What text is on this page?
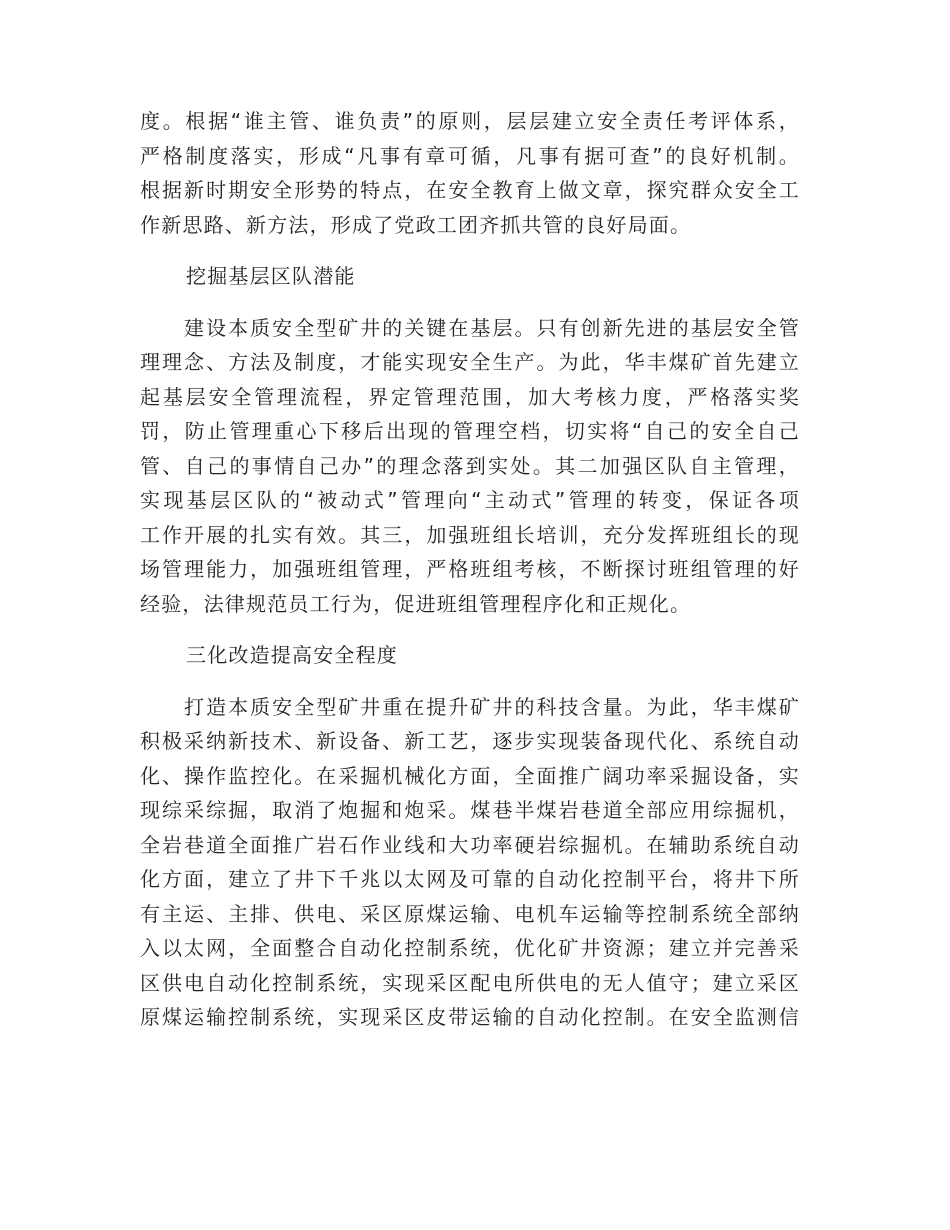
度。根据“谁主管、谁负责”的原则，层层建立安全责任考评体系，
严格制度落实，形成“凡事有章可循，凡事有据可查”的良好机制。
根据新时期安全形势的特点，在安全教育上做文章，探究群众安全工
作新思路、新方法，形成了党政工团齐抓共管的良好局面。
挖掘基层区队潜能
　　建设本质安全型矿井的关键在基层。只有创新先进的基层安全管
理理念、方法及制度，才能实现安全生产。为此，华丰煤矿首先建立
起基层安全管理流程，界定管理范围，加大考核力度，严格落实奖
罚，防止管理重心下移后出现的管理空档，切实将“自己的安全自己
管、自己的事情自己办”的理念落到实处。其二加强区队自主管理，
实现基层区队的“被动式”管理向“主动式”管理的转变，保证各项
工作开展的扎实有效。其三，加强班组长培训，充分发挥班组长的现
场管理能力，加强班组管理，严格班组考核，不断探讨班组管理的好
经验，法律规范员工行为，促进班组管理程序化和正规化。
三化改造提高安全程度
　　打造本质安全型矿井重在提升矿井的科技含量。为此，华丰煤矿
积极采纳新技术、新设备、新工艺，逐步实现装备现代化、系统自动
化、操作监控化。在采掘机械化方面，全面推广阔功率采掘设备，实
现综采综掘，取消了炮掘和炮采。煤巷半煤岩巷道全部应用综掘机，
全岩巷道全面推广岩石作业线和大功率硬岩综掘机。在辅助系统自动
化方面，建立了井下千兆以太网及可靠的自动化控制平台，将井下所
有主运、主排、供电、采区原煤运输、电机车运输等控制系统全部纳
入以太网，全面整合自动化控制系统，优化矿井资源；建立并完善采
区供电自动化控制系统，实现采区配电所供电的无人值守；建立采区
原煤运输控制系统，实现采区皮带运输的自动化控制。在安全监测信
